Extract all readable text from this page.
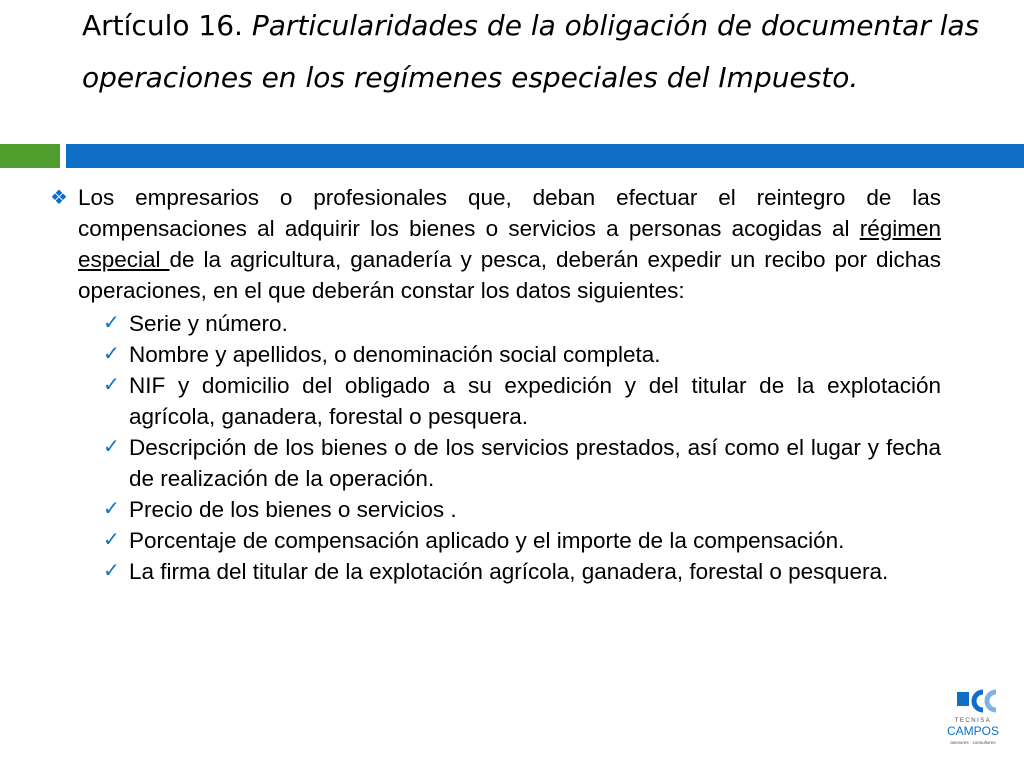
Artículo 16. Particularidades de la obligación de documentar las operaciones en los regímenes especiales del Impuesto.
❖ Los empresarios o profesionales que, deban efectuar el reintegro de las compensaciones al adquirir los bienes o servicios a personas acogidas al régimen especial de la agricultura, ganadería y pesca, deberán expedir un recibo por dichas operaciones, en el que deberán constar los datos siguientes:

✓ Serie y número.
✓ Nombre y apellidos, o denominación social completa.
✓ NIF y domicilio del obligado a su expedición y del titular de la explotación agrícola, ganadera, forestal o pesquera.
✓ Descripción de los bienes o de los servicios prestados, así como el lugar y fecha de realización de la operación.
✓ Precio de los bienes o servicios .
✓ Porcentaje de compensación aplicado y el importe de la compensación.
✓ La firma del titular de la explotación agrícola, ganadera, forestal o pesquera.
TECNISA
CAMPOS
asesores · consultores
